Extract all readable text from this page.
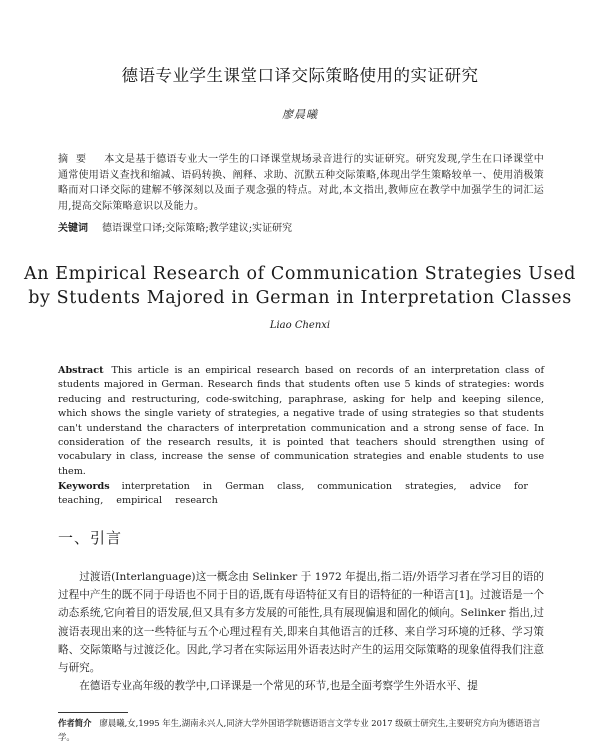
德语专业学生课堂口译交际策略使用的实证研究
廖晨曦
摘要 本文是基于德语专业大一学生的口译课堂规场录音进行的实证研究。研究发现,学生在口译课堂中通常使用语义查找和缩减、语码转换、阐释、求助、沉默五种交际策略,体现出学生策略较单一、使用消极策略而对口译交际的建解不够深刻以及面子观念强的特点。对此,本文指出,教师应在教学中加强学生的词汇运用,提高交际策略意识以及能力。
关键词 德语课堂口译;交际策略;教学建议;实证研究
An Empirical Research of Communication Strategies Used
by Students Majored in German in Interpretation Classes
Liao Chenxi
Abstract This article is an empirical research based on records of an interpretation class of students majored in German. Research finds that students often use 5 kinds of strategies: words reducing and restructuring, code-switching, paraphrase, asking for help and keeping silence, which shows the single variety of strategies, a negative trade of using strategies so that students can't understand the characters of interpretation communication and a strong sense of face. In consideration of the research results, it is pointed that teachers should strengthen using of vocabulary in class, increase the sense of communication strategies and enable students to use them.
Keywords interpretation in German class, communication strategies, advice for teaching, empirical research
一、引言

过渡语(Interlanguage)这一概念由 Selinker 于 1972 年提出,指二语/外语学习者在学习目的语的过程中产生的既不同于母语也不同于目的语,既有母语特征又有目的语特征的一种语言[1]。过渡语是一个动态系统,它向着目的语发展,但又具有多方发展的可能性,具有展现偏退和固化的倾向。Selinker 指出,过渡语表现出来的这一些特征与五个心理过程有关,即来自其他语言的迁移、来自学习环境的迁移、学习策略、交际策略与过渡泛化。因此,学习者在实际运用外语表达时产生的运用交际策略的现象值得我们注意与研究。

在德语专业高年级的教学中,口译课是一个常见的环节,也是全面考察学生外语水平、提

作者简介 廖晨曦,女,1995 年生,湖南永兴人,同济大学外国语学院德语语言文学专业 2017 级硕士研究生,主要研究方向为德语语言学。
